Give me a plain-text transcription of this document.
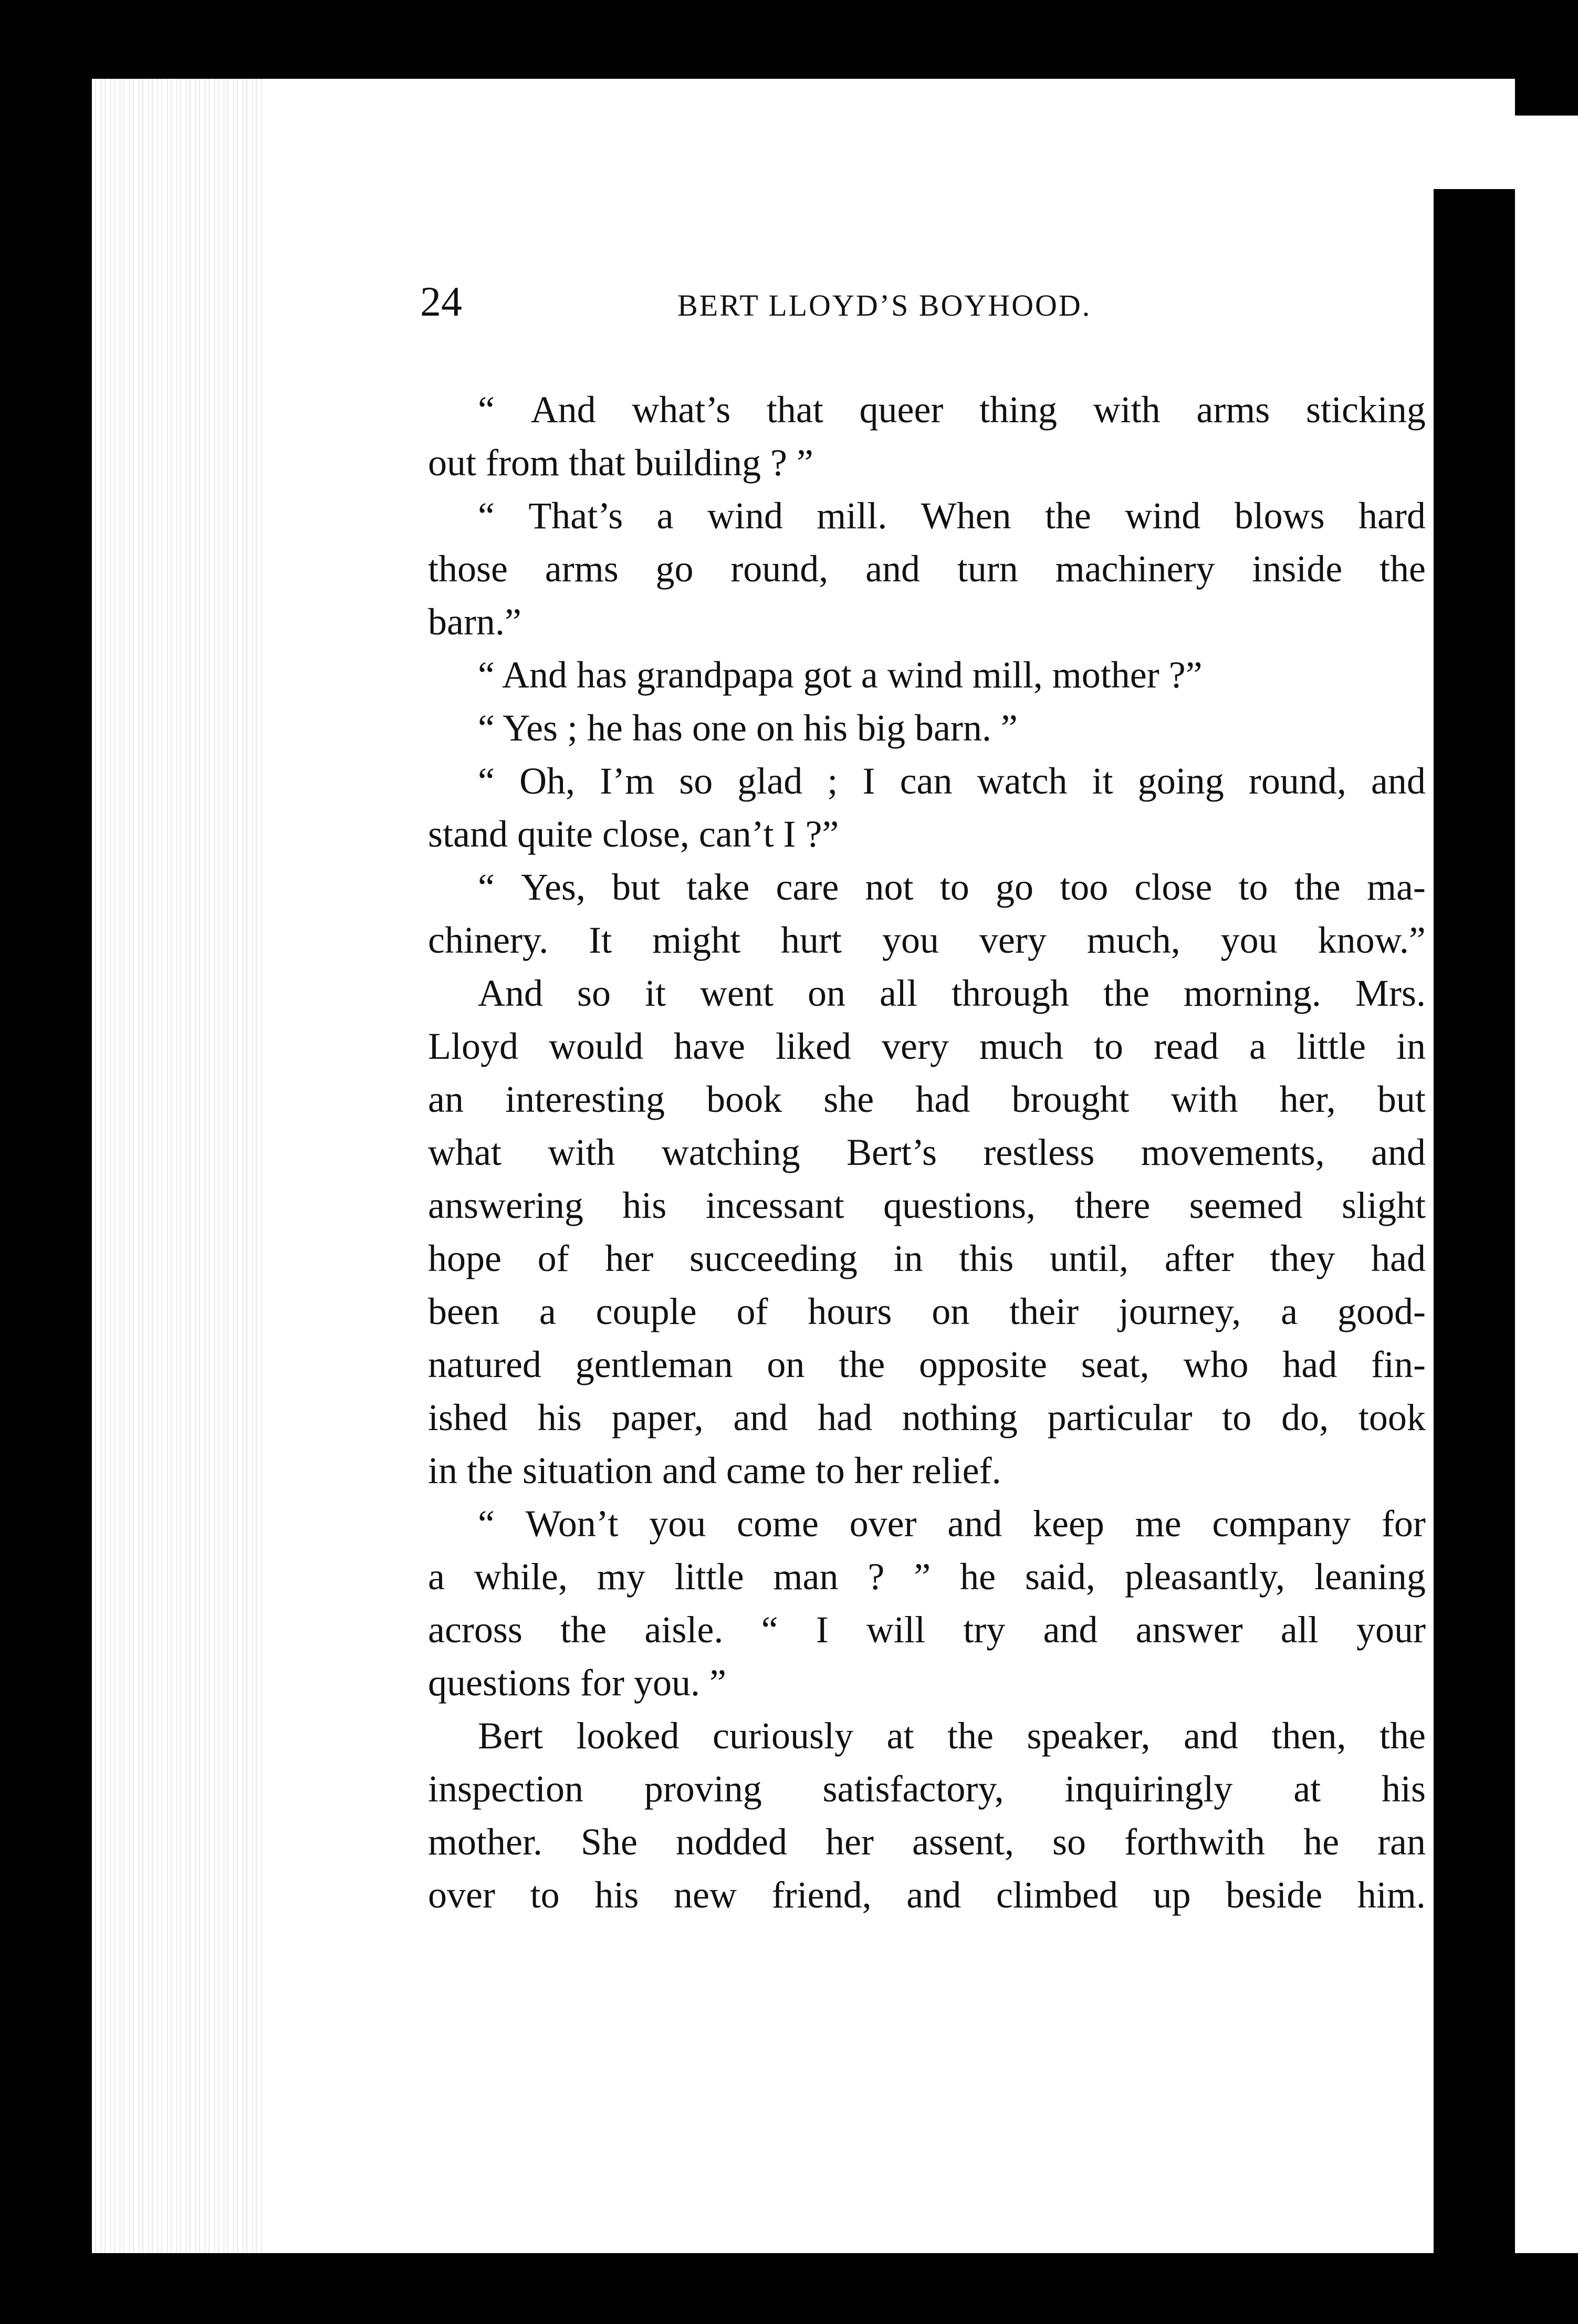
24	BERT LLOYD’S BOYHOOD.
“ And what’s that queer thing with arms sticking
out from that building ? ”
“ That’s a wind mill. When the wind blows hard
those arms go round, and turn machinery inside the
barn.”
“ And has grandpapa got a wind mill, mother ?”
“ Yes ; he has one on his big barn. ”
“ Oh, I’m so glad ; I can watch it going round, and
stand quite close, can’t I ?”
“ Yes, but take care not to go too close to the ma-
chinery. It might hurt you very much, you know.”
And so it went on all through the morning. Mrs.
Lloyd would have liked very much to read a little in
an interesting book she had brought with her, but
what with watching Bert’s restless movements, and
answering his incessant questions, there seemed slight
hope of her succeeding in this until, after they had
been a couple of hours on their journey, a good-
natured gentleman on the opposite seat, who had fin-
ished his paper, and had nothing particular to do, took
in the situation and came to her relief.
“ Won’t you come over and keep me company for
a while, my little man ? ” he said, pleasantly, leaning
across the aisle. “ I will try and answer all your
questions for you. ”
Bert looked curiously at the speaker, and then, the
inspection proving satisfactory, inquiringly at his
mother. She nodded her assent, so forthwith he ran
over to his new friend, and climbed up beside him.
